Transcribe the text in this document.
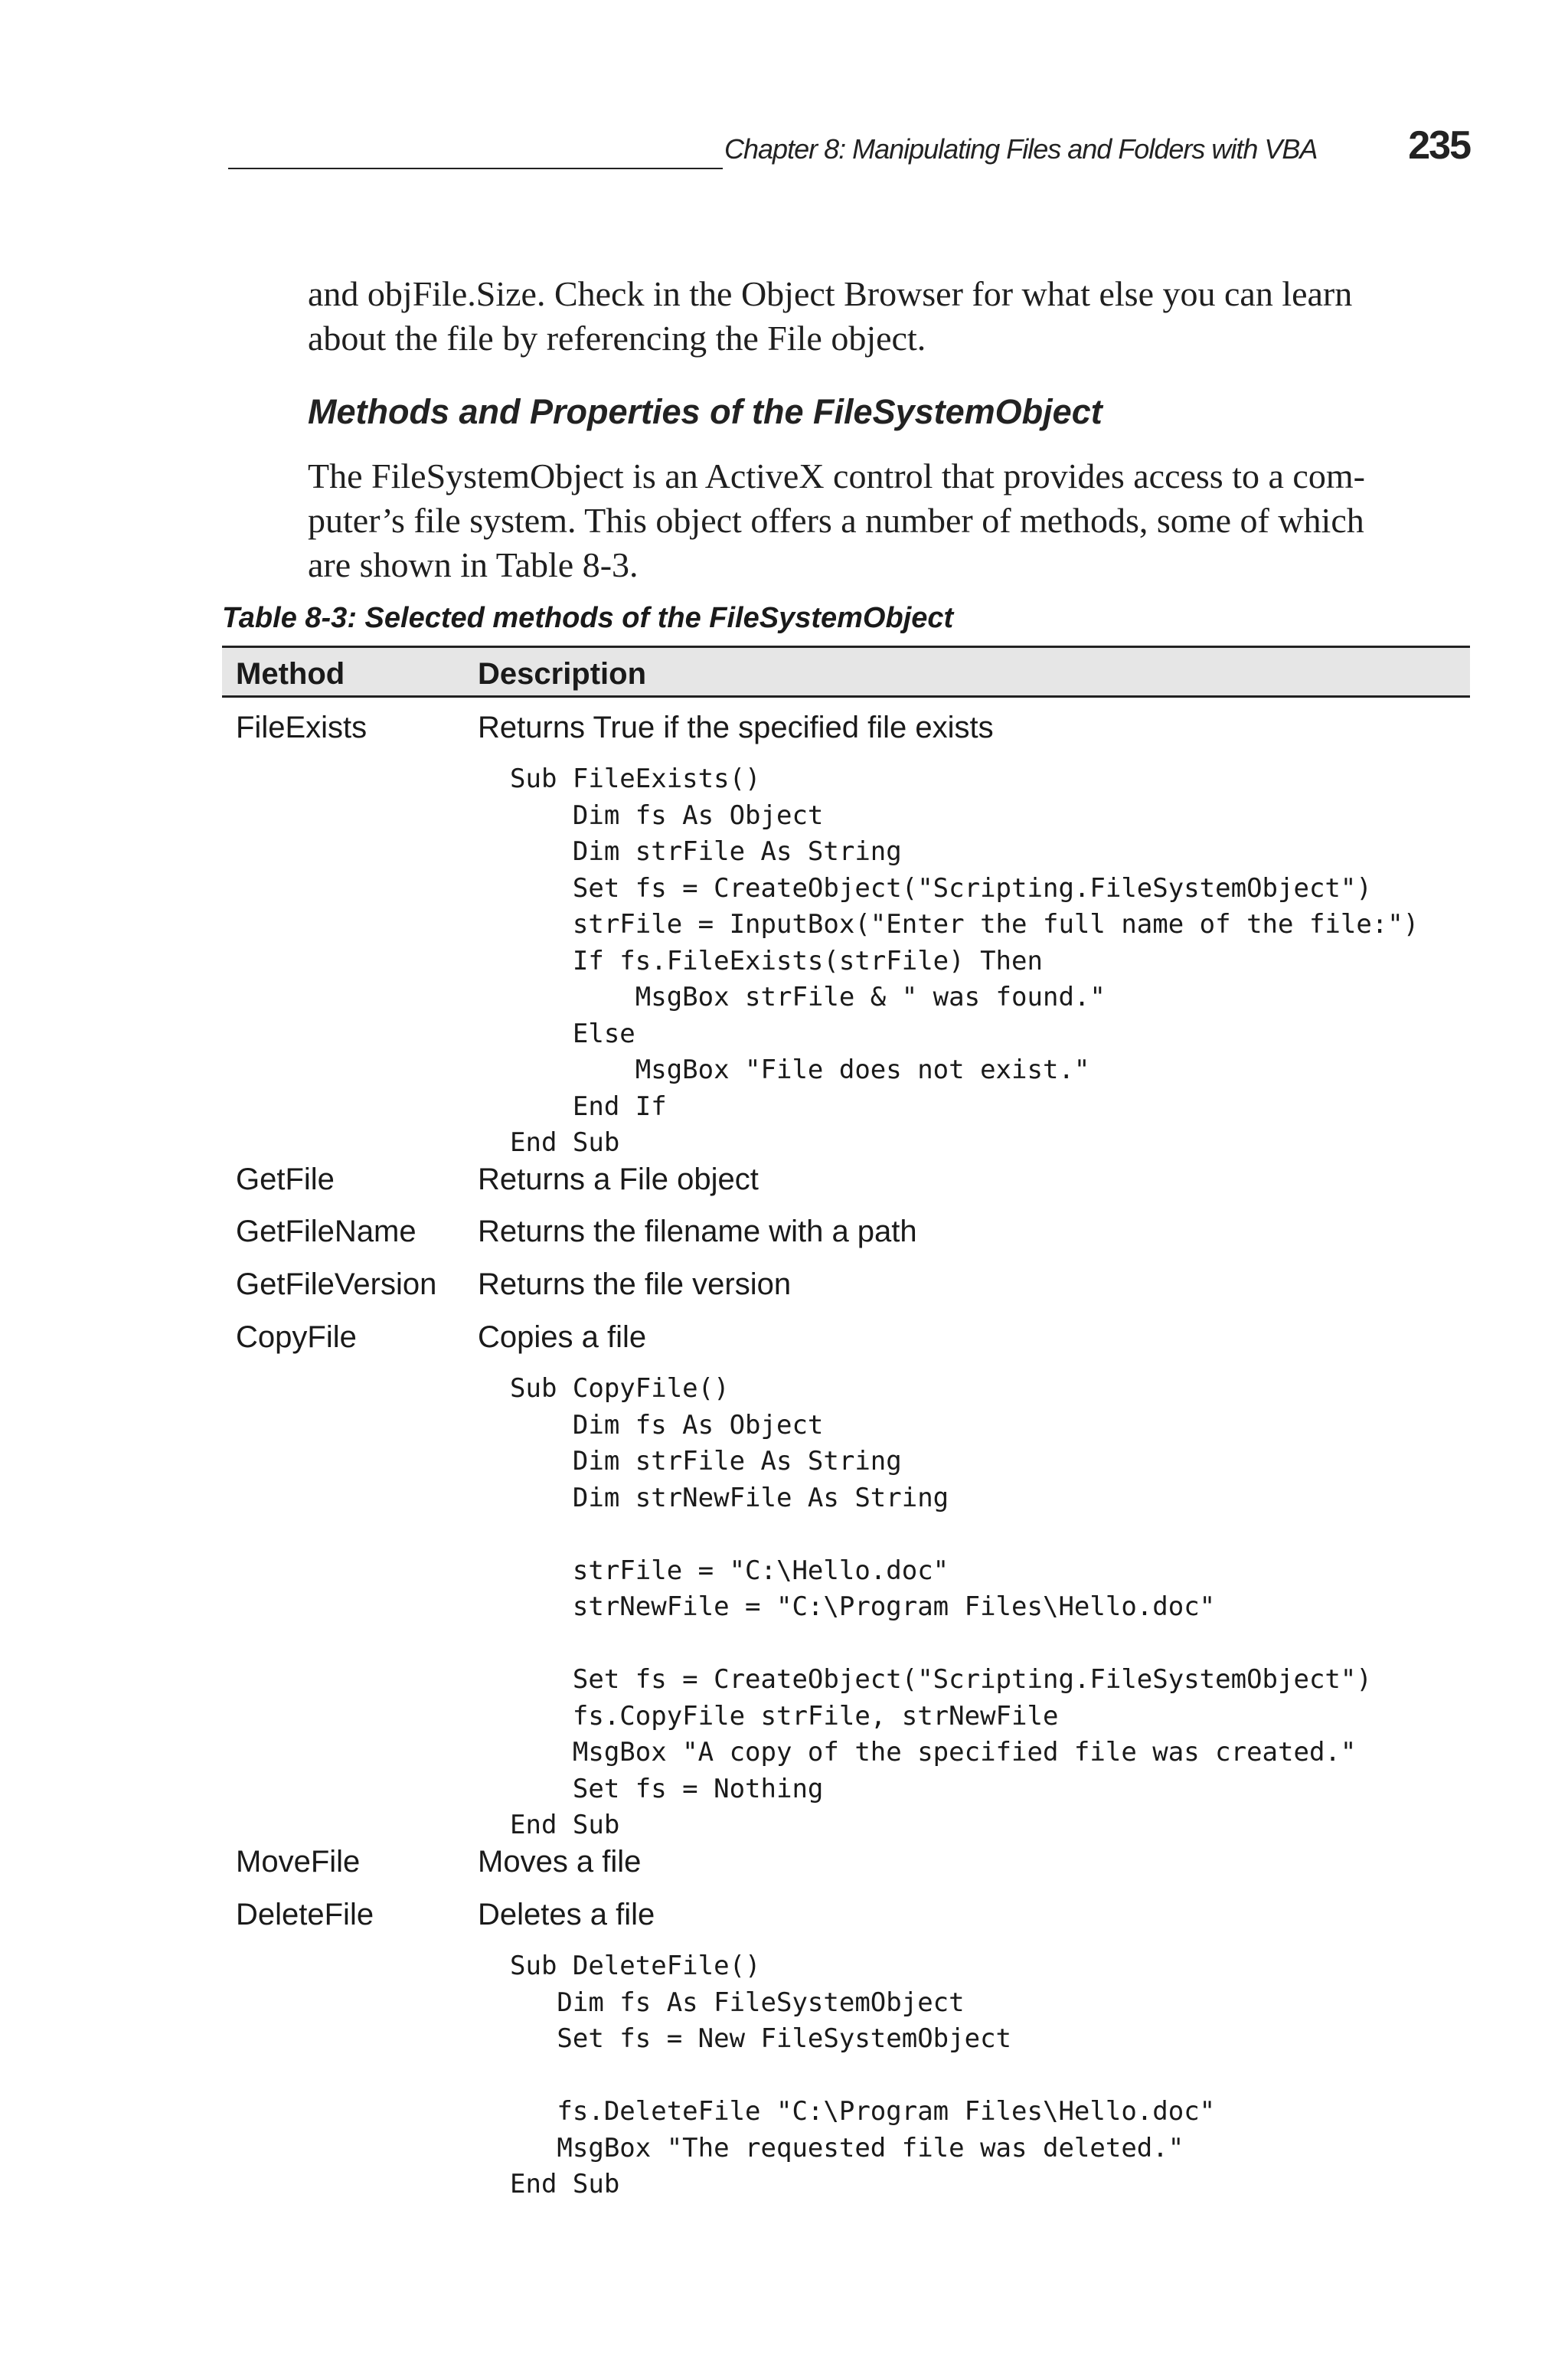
Chapter 8: Manipulating Files and Folders with VBA 235

and objFile.Size. Check in the Object Browser for what else you can learn
about the file by referencing the File object.

Methods and Properties of the FileSystemObject

The FileSystemObject is an ActiveX control that provides access to a com-
puter’s file system. This object offers a number of methods, some of which
are shown in Table 8-3.

Table 8-3: Selected methods of the FileSystemObject
Method	Description
FileExists	Returns True if the specified file exists
Sub FileExists()
Dim fs As Object
Dim strFile As String
Set fs = CreateObject("Scripting.FileSystemObject")
strFile = InputBox("Enter the full name of the file:")
If fs.FileExists(strFile) Then
MsgBox strFile & " was found."
Else
MsgBox "File does not exist."
End If
End Sub
GetFile	Returns a File object
GetFileName Returns the filename with a path
GetFileVersion Returns the file version
CopyFile	Copies a file
Sub CopyFile()
Dim fs As Object
Dim strFile As String
Dim strNewFile As String
strFile = "C:\Hello.doc"
strNewFile = "C:\Program Files\Hello.doc"
Set fs = CreateObject("Scripting.FileSystemObject")
fs.CopyFile strFile, strNewFile
MsgBox "A copy of the specified file was created."
Set fs = Nothing
End Sub
MoveFile	Moves a file
DeleteFile	Deletes a file
Sub DeleteFile()
Dim fs As FileSystemObject
Set fs = New FileSystemObject
fs.DeleteFile "C:\Program Files\Hello.doc"
MsgBox "The requested file was deleted."
End Sub
